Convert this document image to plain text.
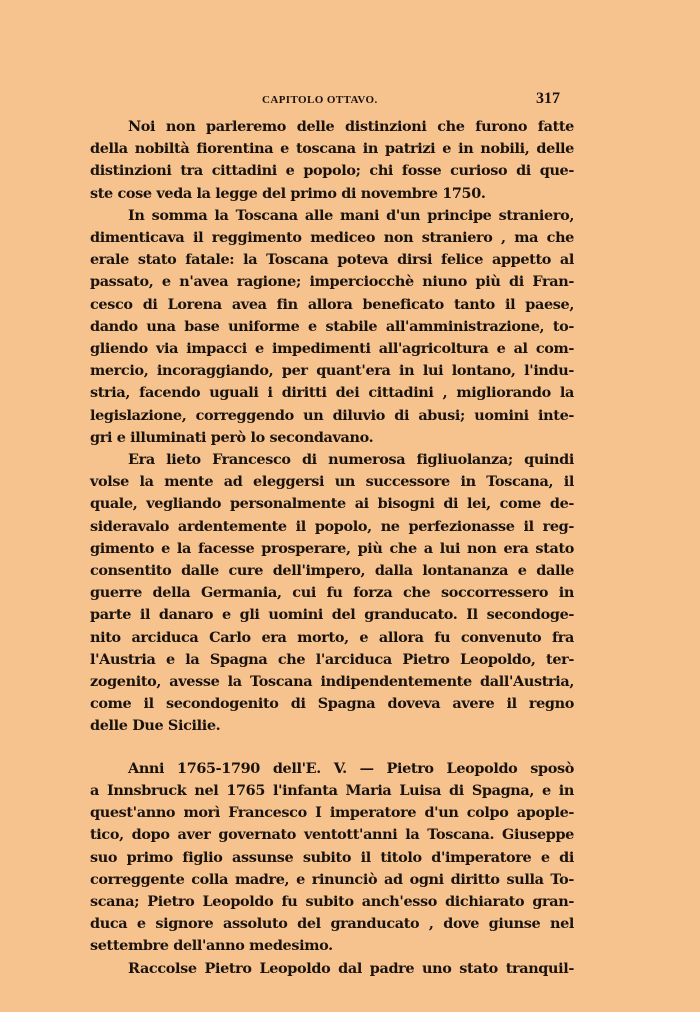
CAPITOLO OTTAVO.	317
Noi non parleremo delle distinzioni che furono fatte
della nobiltà fiorentina e toscana in patrizi e in nobili, delle
distinzioni tra cittadini e popolo; chi fosse curioso di que-
ste cose veda la legge del primo di novembre 1750.
In somma la Toscana alle mani d'un principe straniero,
dimenticava il reggimento mediceo non straniero , ma che
erale stato fatale: la Toscana poteva dirsi felice appetto al
passato, e n'avea ragione; imperciocchè niuno più di Fran-
cesco di Lorena avea fin allora beneficato tanto il paese,
dando una base uniforme e stabile all'amministrazione, to-
gliendo via impacci e impedimenti all'agricoltura e al com-
mercio, incoraggiando, per quant'era in lui lontano, l'indu-
stria, facendo uguali i diritti dei cittadini , migliorando la
legislazione, correggendo un diluvio di abusi; uomini inte-
gri e illuminati però lo secondavano.
Era lieto Francesco di numerosa figliuolanza; quindi
volse la mente ad eleggersi un successore in Toscana, il
quale, vegliando personalmente ai bisogni di lei, come de-
sideravalo ardentemente il popolo, ne perfezionasse il reg-
gimento e la facesse prosperare, più che a lui non era stato
consentito dalle cure dell'impero, dalla lontananza e dalle
guerre della Germania, cui fu forza che soccorressero in
parte il danaro e gli uomini del granducato. Il secondoge-
nito arciduca Carlo era morto, e allora fu convenuto fra
l'Austria e la Spagna che l'arciduca Pietro Leopoldo, ter-
zogenito, avesse la Toscana indipendentemente dall'Austria,
come il secondogenito di Spagna doveva avere il regno
delle Due Sicilie.
Anni 1765-1790 dell'E. V. — Pietro Leopoldo sposò
a Innsbruck nel 1765 l'infanta Maria Luisa di Spagna, e in
quest'anno morì Francesco I imperatore d'un colpo apople-
tico, dopo aver governato ventott'anni la Toscana. Giuseppe
suo primo figlio assunse subito il titolo d'imperatore e di
correggente colla madre, e rinunciò ad ogni diritto sulla To-
scana; Pietro Leopoldo fu subito anch'esso dichiarato gran-
duca e signore assoluto del granducato , dove giunse nel
settembre dell'anno medesimo.
Raccolse Pietro Leopoldo dal padre uno stato tranquil-
